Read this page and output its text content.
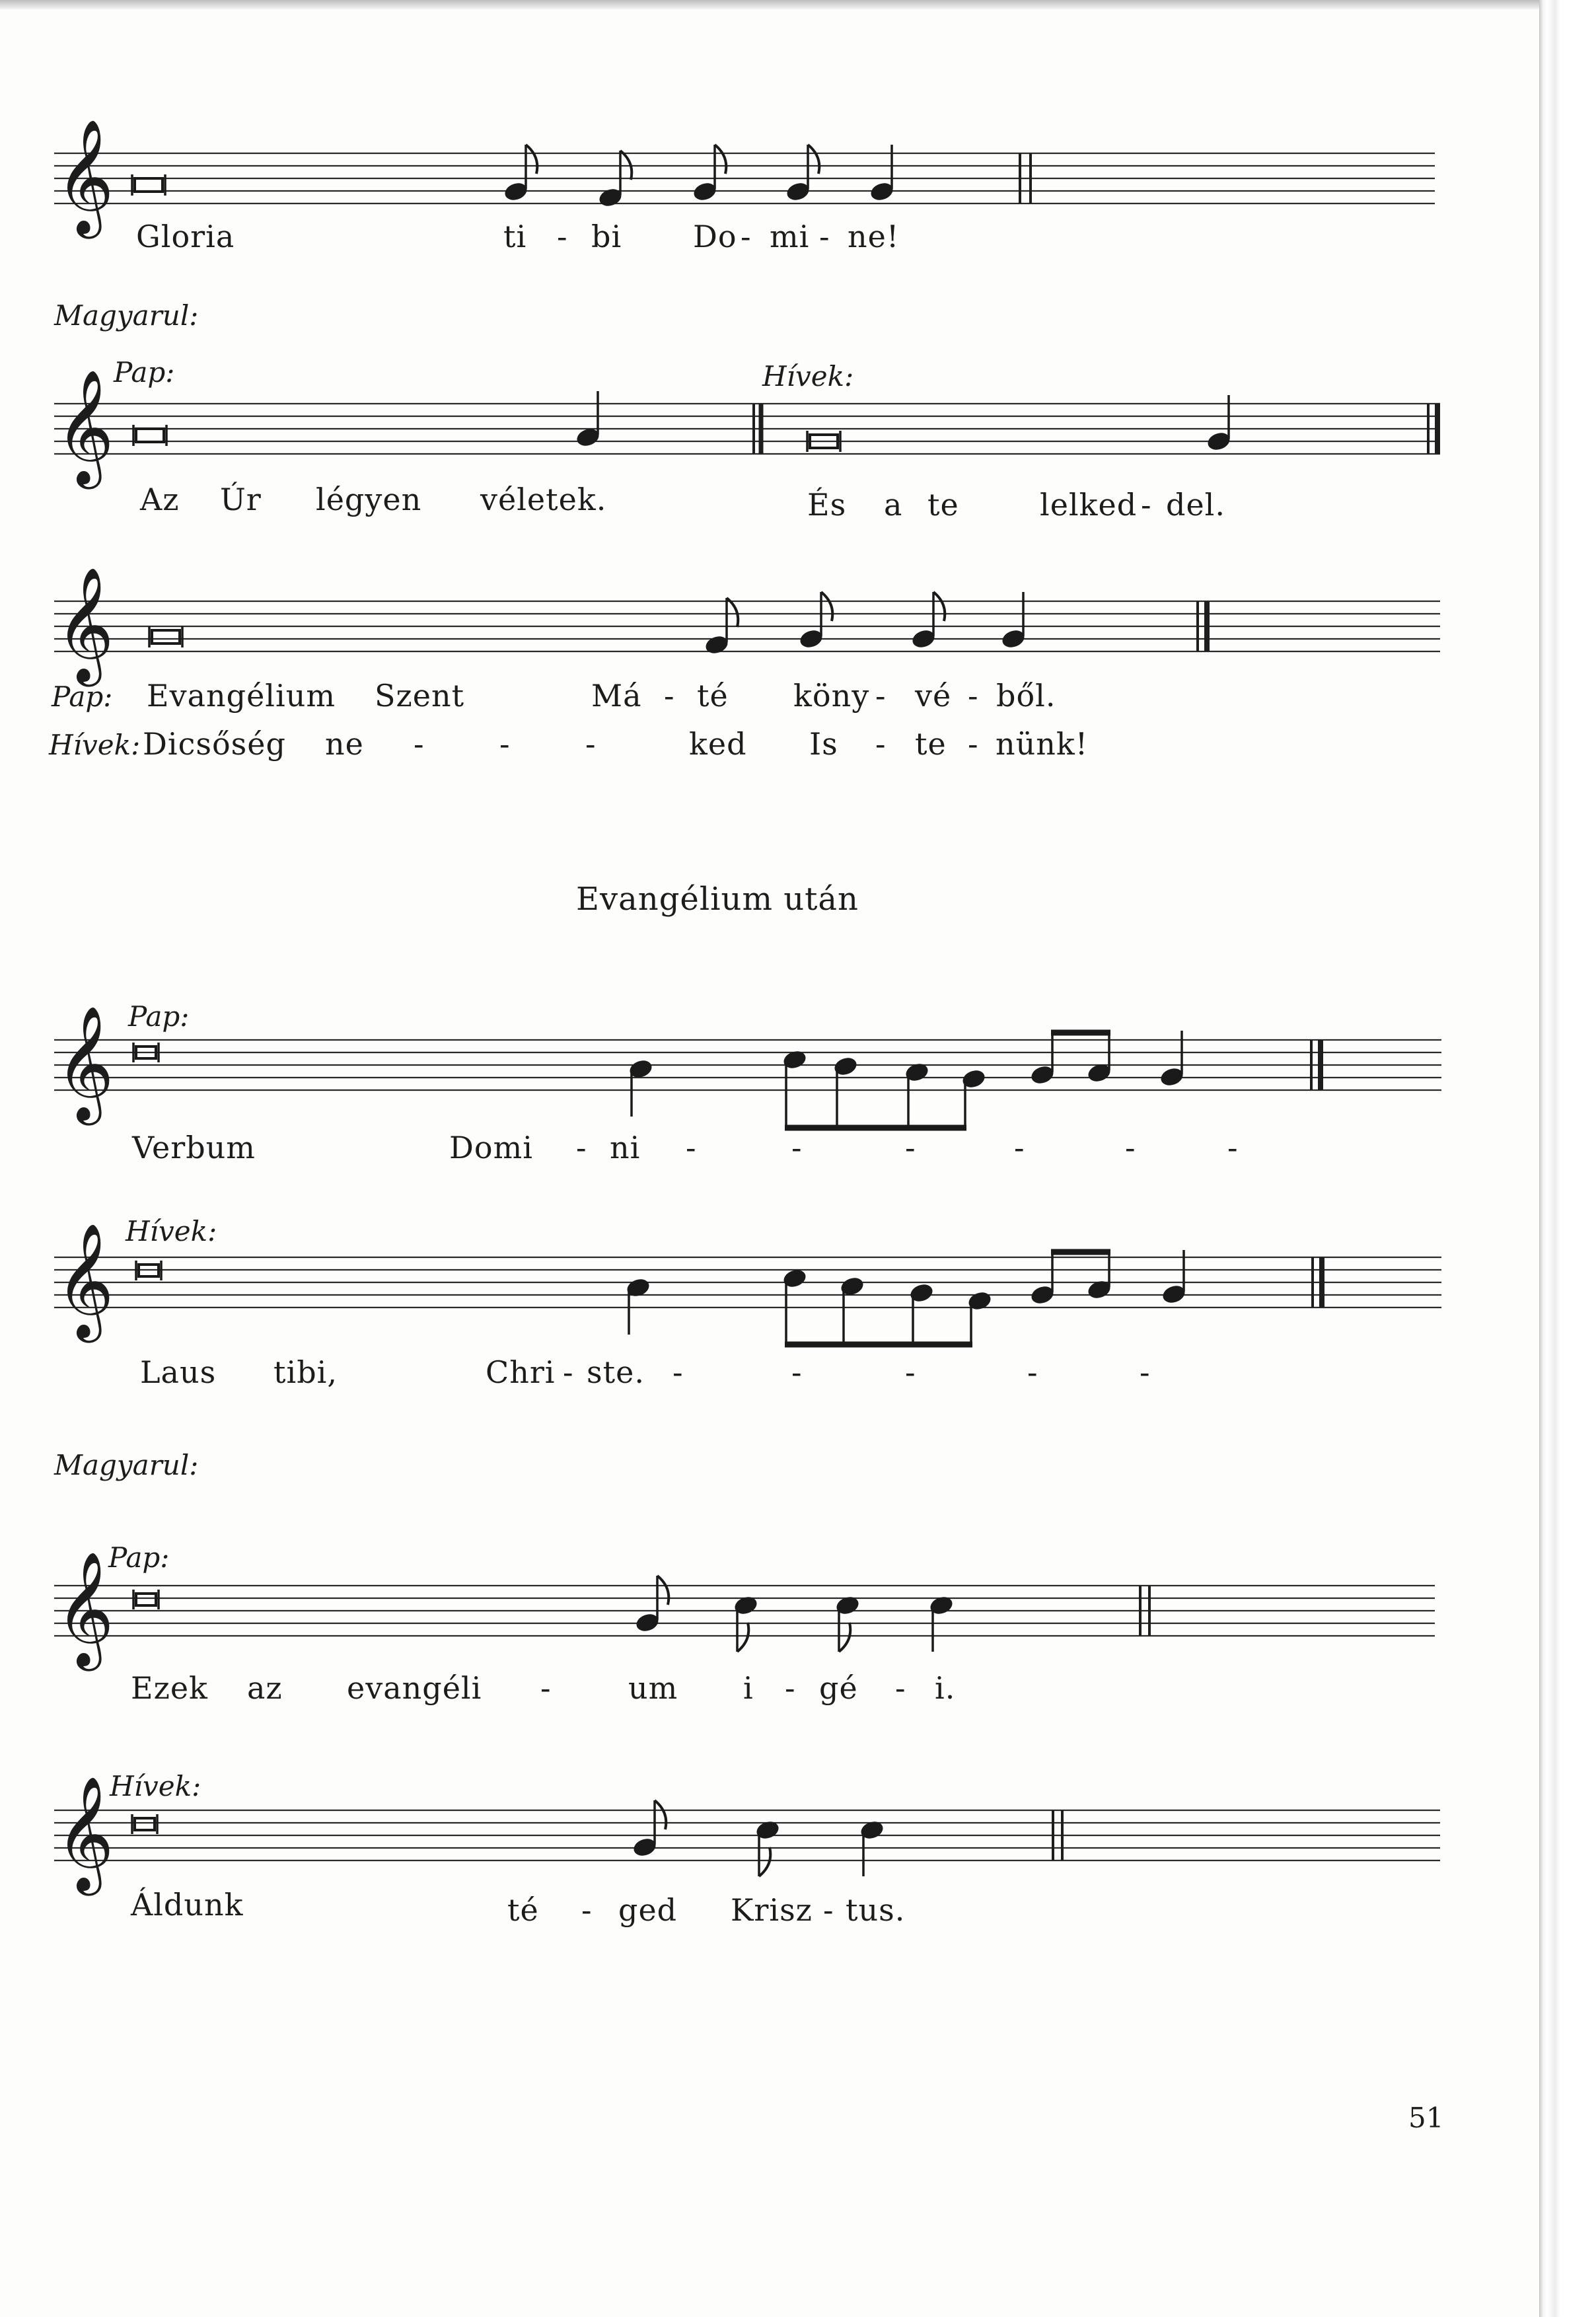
𝄞
Gloria	ti - bi Do - mi - ne!
Magyarul:
Pap:	Hívek:
𝄞
Az Úr légyen véletek.	És a te	lelked - del.
𝄞
Pap: Evangélium Szent	Má - té köny - vé - ből.
Hívek: Dicsőség ne - - -	ked Is - te - nünk!
Evangélium után
Pap:
𝄞
Verbum	Domi - ni -	-	-	-	-	-
Hívek:
𝄞
Laus tibi,	Chri - ste. -	-	-	-	-
Magyarul:
Pap:
𝄞
Ezek az evangéli -	um i - gé - i.
Hívek:
𝄞
Áldunk	té - ged Krisz - tus.
51
